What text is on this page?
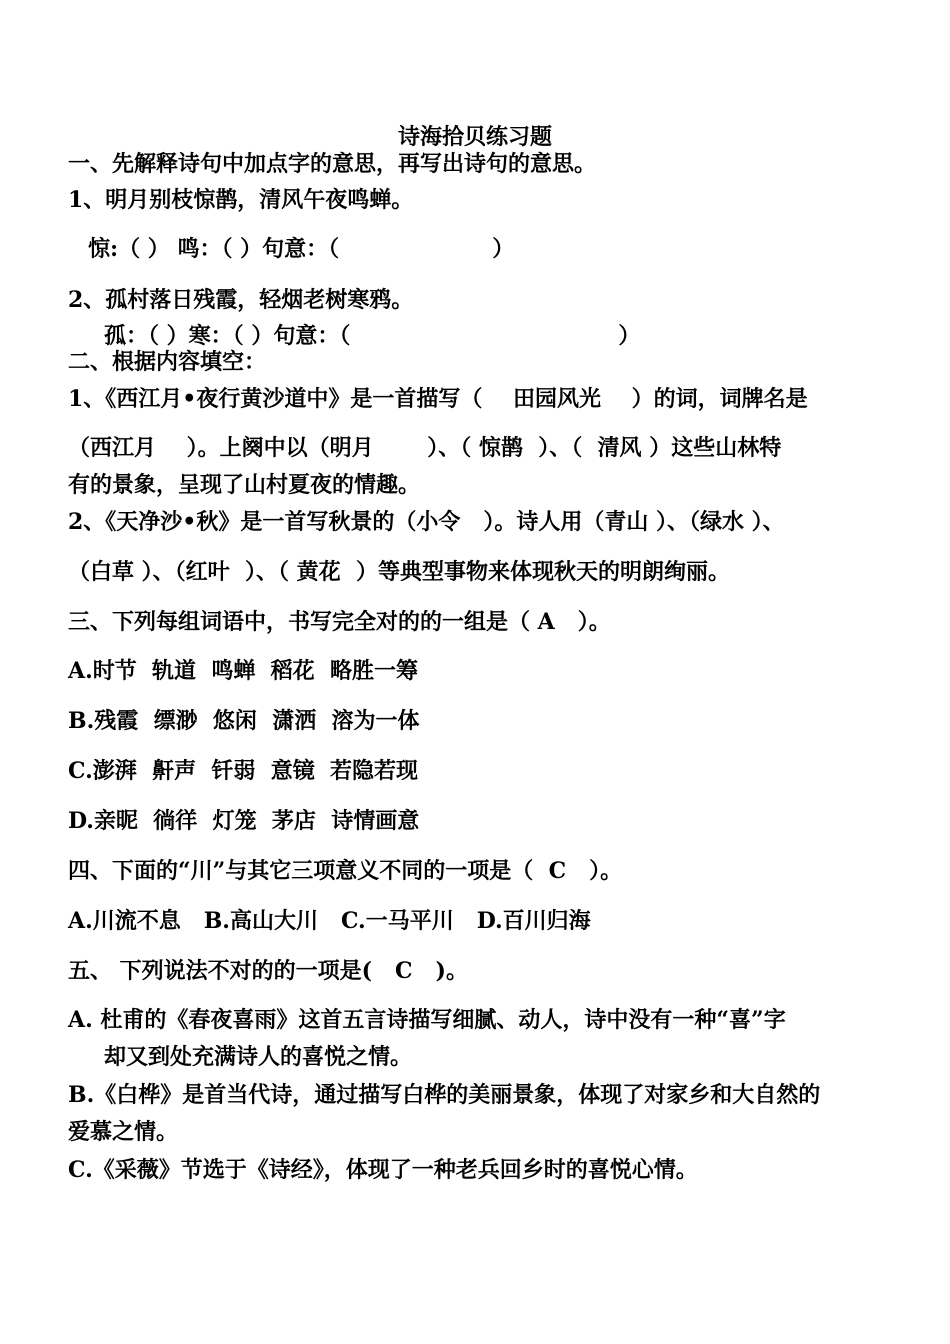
诗海拾贝练习题
一、先解释诗句中加点字的意思，再写出诗句的意思。
1、明月别枝惊鹊，清风午夜鸣蝉。
惊:（ ） 鸣：（ ）句意：（                    ）
2、孤村落日残霞，轻烟老树寒鸦。
孤：（ ）寒：（ ）句意：（                                   ）
二、根据内容填空：
1、《西江月•夜行黄沙道中》是一首描写（    田园风光    ）的词，词牌名是
（西江月    ）。上阕中以（明月       ）、（ 惊鹊  ）、（  清风 ）这些山林特
有的景象，呈现了山村夏夜的情趣。
2、《天净沙•秋》是一首写秋景的（小令   ）。诗人用（青山 ）、（绿水 ）、
（白草 ）、（红叶  ）、（ 黄花  ）等典型事物来体现秋天的明朗绚丽。
三、下列每组词语中，书写完全对的的一组是（ A   ）。
A.时节  轨道  鸣蝉  稻花  略胜一筹
B.残霞  缥渺  悠闲  潇洒  溶为一体
C.澎湃  鼾声  钎弱  意镜  若隐若现
D.亲昵  徜徉  灯笼  茅店  诗情画意
四、下面的“川”与其它三项意义不同的一项是（  C   ）。
A.川流不息   B.高山大川   C.一马平川   D.百川归海
五、 下列说法不对的的一项是(   C   )。
A. 杜甫的《春夜喜雨》这首五言诗描写细腻、动人，诗中没有一种“喜”字
却又到处充满诗人的喜悦之情。
B.《白桦》是首当代诗，通过描写白桦的美丽景象，体现了对家乡和大自然的
爱慕之情。
C.《采薇》节选于《诗经》，体现了一种老兵回乡时的喜悦心情。
